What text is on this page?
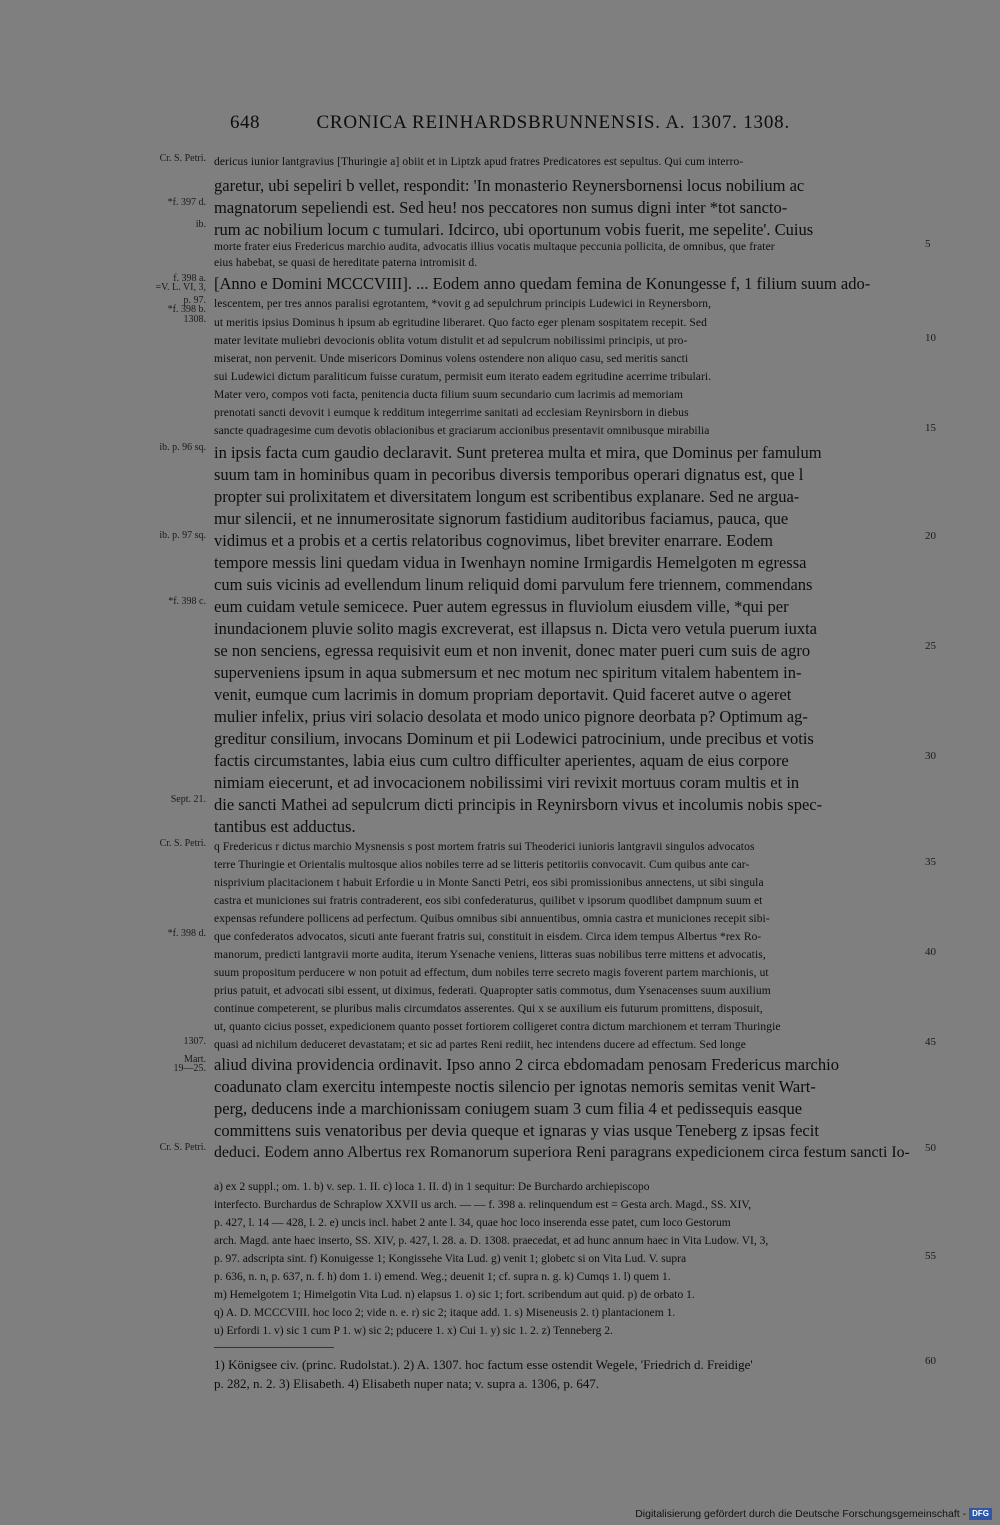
648	CRONICA REINHARDSBRUNNENSIS. A. 1307. 1308.
Cr. S. Petri. dericus iunior lantgravius [Thuringie a] obiit et in Liptzk apud fratres Predicatores est sepultus. Qui cum interro-
garetur, ubi sepeliri b vellet, respondit: 'In monasterio Reynersbornensi locus nobilium ac
*f. 397 d. magnatorum sepeliendi est. Sed heu! nos peccatores non sumus digni inter *tot sancto-
ib. rum ac nobilium locum c tumulari. Idcirco, ubi oportunum vobis fuerit, me sepelite'. Cuius
morte frater eius Fredericus marchio audita, advocatis illius vocatis multaque peccunia pollicita, de omnibus, que frater	5
eius habebat, se quasi de hereditate paterna intromisit d.
f. 398 a.
=V. L. VI, 3, [Anno e Domini MCCCVIII]. ... Eodem anno quedam femina de Konungesse f, 1 filium suum ado-
p. 97.
*f. 398 b. lescentem, per tres annos paralisi egrotantem, *vovit g ad sepulchrum principis Ludewici in Reynersborn,
1308. ut meritis ipsius Dominus h ipsum ab egritudine liberaret. Quo facto eger plenam sospitatem recepit. Sed
mater levitate muliebri devocionis oblita votum distulit et ad sepulcrum nobilissimi principis, ut pro-	10
miserat, non pervenit. Unde misericors Dominus volens ostendere non aliquo casu, sed meritis sancti
sui Ludewici dictum paraliticum fuisse curatum, permisit eum iterato eadem egritudine acerrime tribulari.
Mater vero, compos voti facta, penitencia ducta filium suum secundario cum lacrimis ad memoriam
prenotati sancti devovit i eumque k redditum integerrime sanitati ad ecclesiam Reynirsborn in diebus
sancte quadragesime cum devotis oblacionibus et graciarum accionibus presentavit omnibusque mirabilia	15
ib. p. 96 sq. in ipsis facta cum gaudio declaravit. Sunt preterea multa et mira, que Dominus per famulum
suum tam in hominibus quam in pecoribus diversis temporibus operari dignatus est, que l
propter sui prolixitatem et diversitatem longum est scribentibus explanare. Sed ne argua-
mur silencii, et ne innumerositate signorum fastidium auditoribus faciamus, pauca, que
ib. p. 97 sq. vidimus et a probis et a certis relatoribus cognovimus, libet breviter enarrare. Eodem	20
tempore messis lini quedam vidua in Iwenhayn nomine Irmigardis Hemelgoten m egressa
cum suis vicinis ad evellendum linum reliquid domi parvulum fere triennem, commendans
*f. 398 c. eum cuidam vetule semicece. Puer autem egressus in fluviolum eiusdem ville, *qui per
inundacionem pluvie solito magis excreverat, est illapsus n. Dicta vero vetula puerum iuxta
se non senciens, egressa requisivit eum et non invenit, donec mater pueri cum suis de agro	25
superveniens ipsum in aqua submersum et nec motum nec spiritum vitalem habentem in-
venit, eumque cum lacrimis in domum propriam deportavit. Quid faceret autve o ageret
mulier infelix, prius viri solacio desolata et modo unico pignore deorbata p? Optimum ag-
greditur consilium, invocans Dominum et pii Lodewici patrocinium, unde precibus et votis
factis circumstantes, labia eius cum cultro difficulter aperientes, aquam de eius corpore	30
nimiam eiecerunt, et ad invocacionem nobilissimi viri revixit mortuus coram multis et in
Sept. 21. die sancti Mathei ad sepulcrum dicti principis in Reynirsborn vivus et incolumis nobis spec-
tantibus est adductus.
Cr. S. Petri. q Fredericus r dictus marchio Mysnensis s post mortem fratris sui Theoderici iunioris lantgravii singulos advocatos
terre Thuringie et Orientalis multosque alios nobiles terre ad se litteris petitoriis convocavit. Cum quibus ante car-	35
nisprivium placitacionem t habuit Erfordie u in Monte Sancti Petri, eos sibi promissionibus annectens, ut sibi singula
castra et municiones sui fratris contraderent, eos sibi confederaturus, quilibet v ipsorum quodlibet dampnum suum et
expensas refundere pollicens ad perfectum. Quibus omnibus sibi annuentibus, omnia castra et municiones recepit sibi-
*f. 398 d. que confederatos advocatos, sicuti ante fuerant fratris sui, constituit in eisdem. Circa idem tempus Albertus *rex Ro-
manorum, predicti lantgravii morte audita, iterum Ysenache veniens, litteras suas nobilibus terre mittens et advocatis,	40
suum propositum perducere w non potuit ad effectum, dum nobiles terre secreto magis foverent partem marchionis, ut
prius patuit, et advocati sibi essent, ut diximus, federati. Quapropter satis commotus, dum Ysenacenses suum auxilium
continue competerent, se pluribus malis circumdatos asserentes. Qui x se auxilium eis futurum promittens, disposuit,
ut, quanto cicius posset, expedicionem quanto posset fortiorem colligeret contra dictum marchionem et terram Thuringie
1307. quasi ad nichilum deduceret devastatam; et sic ad partes Reni rediit, hec intendens ducere ad effectum. Sed longe	45
Mart.
19—25. aliud divina providencia ordinavit. Ipso anno 2 circa ebdomadam penosam Fredericus marchio
coadunato clam exercitu intempeste noctis silencio per ignotas nemoris semitas venit Wart-
perg, deducens inde a marchionissam coniugem suam 3 cum filia 4 et pedissequis easque
committens suis venatoribus per devia queque et ignaras y vias usque Teneberg z ipsas fecit
Cr. S. Petri. deduci. Eodem anno Albertus rex Romanorum superiora Reni paragrans expedicionem circa festum sancti Io-	50
a) ex 2 suppl.; om. 1. b) v. sep. 1. II. c) loca 1. II. d) in 1 sequitur: De Burchardo archiepiscopo
interfecto. Burchardus de Schraplow XXVII us arch. — — f. 398 a. relinquendum est = Gesta arch. Magd., SS. XIV,
p. 427, l. 14 — 428, l. 2. e) uncis incl. habet 2 ante l. 34, quae hoc loco inserenda esse patet, cum loco Gestorum
arch. Magd. ante haec inserto, SS. XIV, p. 427, l. 28. a. D. 1308. praecedat, et ad hunc annum haec in Vita Ludow. VI, 3,
p. 97. adscripta sint. f) Konuigesse 1; Kongissehe Vita Lud. g) venit 1; globetc si on Vita Lud. V. supra	55
p. 636, n. n, p. 637, n. f. h) dom 1. i) emend. Weg.; deuenit 1; cf. supra n. g. k) Cumqs 1. l) quem 1.
m) Hemelgotem 1; Himelgotin Vita Lud. n) elapsus 1. o) sic 1; fort. scribendum aut quid. p) de orbato 1.
q) A. D. MCCCVIII. hoc loco 2; vide n. e. r) sic 2; itaque add. 1. s) Miseneusis 2. t) plantacionem 1.
u) Erfordi 1. v) sic 1 cum P 1. w) sic 2; pducere 1. x) Cui 1. y) sic 1. 2. z) Tenneberg 2.
1) Königsee civ. (princ. Rudolstat.). 2) A. 1307. hoc factum esse ostendit Wegele, 'Friedrich d. Freidige'	60
p. 282, n. 2. 3) Elisabeth. 4) Elisabeth nuper nata; v. supra a. 1306, p. 647.
Digitalisierung gefördert durch die Deutsche Forschungsgemeinschaft - DFG
